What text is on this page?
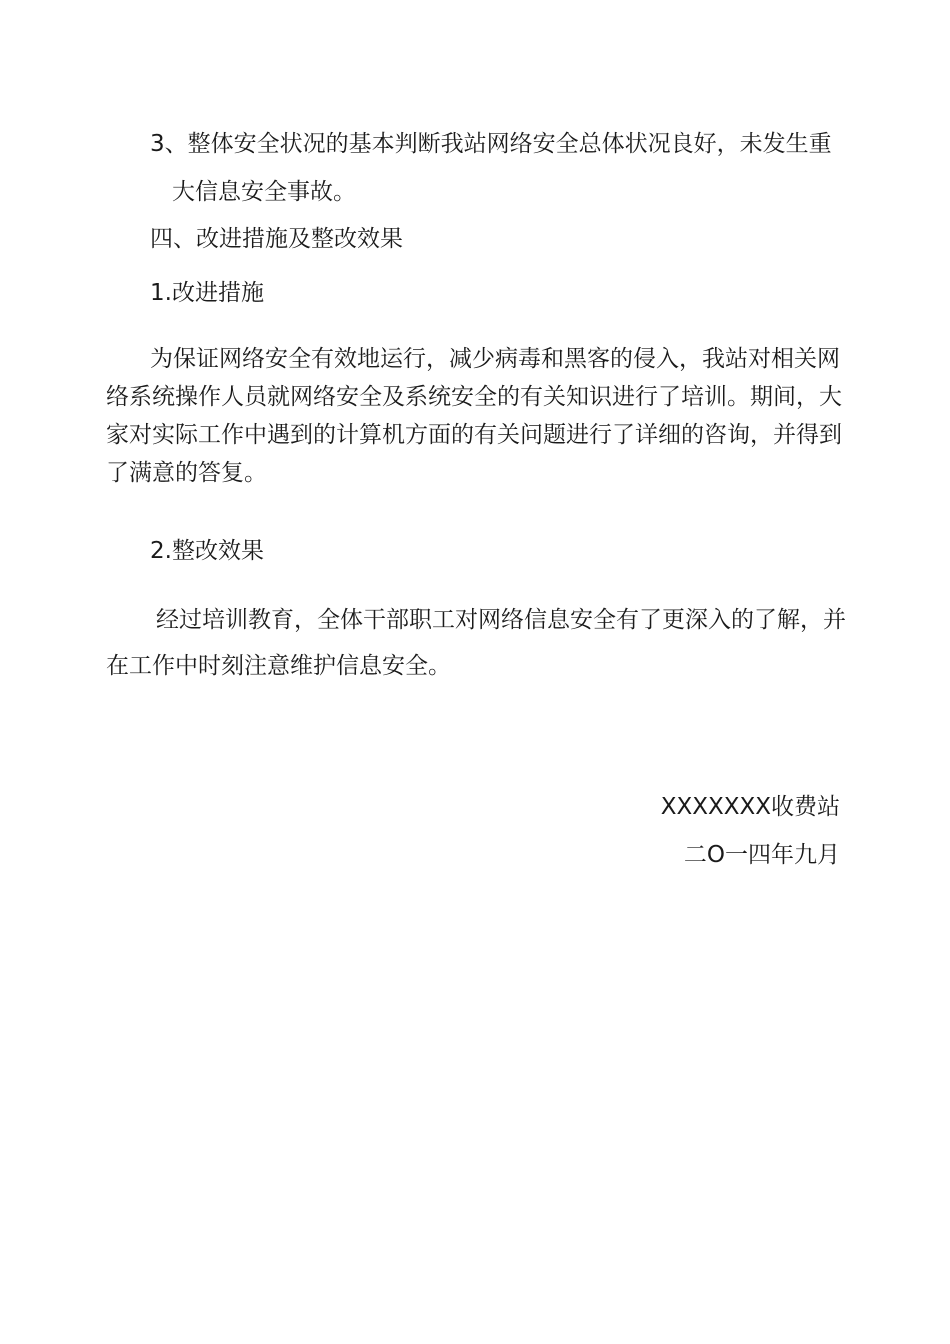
3、整体安全状况的基本判断我站网络安全总体状况良好，未发生重
大信息安全事故。
四、改进措施及整改效果
1.改进措施
为保证网络安全有效地运行，减少病毒和黑客的侵入，我站对相关网络系统操作人员就网络安全及系统安全的有关知识进行了培训。期间，大家对实际工作中遇到的计算机方面的有关问题进行了详细的咨询，并得到了满意的答复。
2.整改效果
经过培训教育，全体干部职工对网络信息安全有了更深入的了解，并在工作中时刻注意维护信息安全。
XXXXXXX收费站
二O一四年九月
